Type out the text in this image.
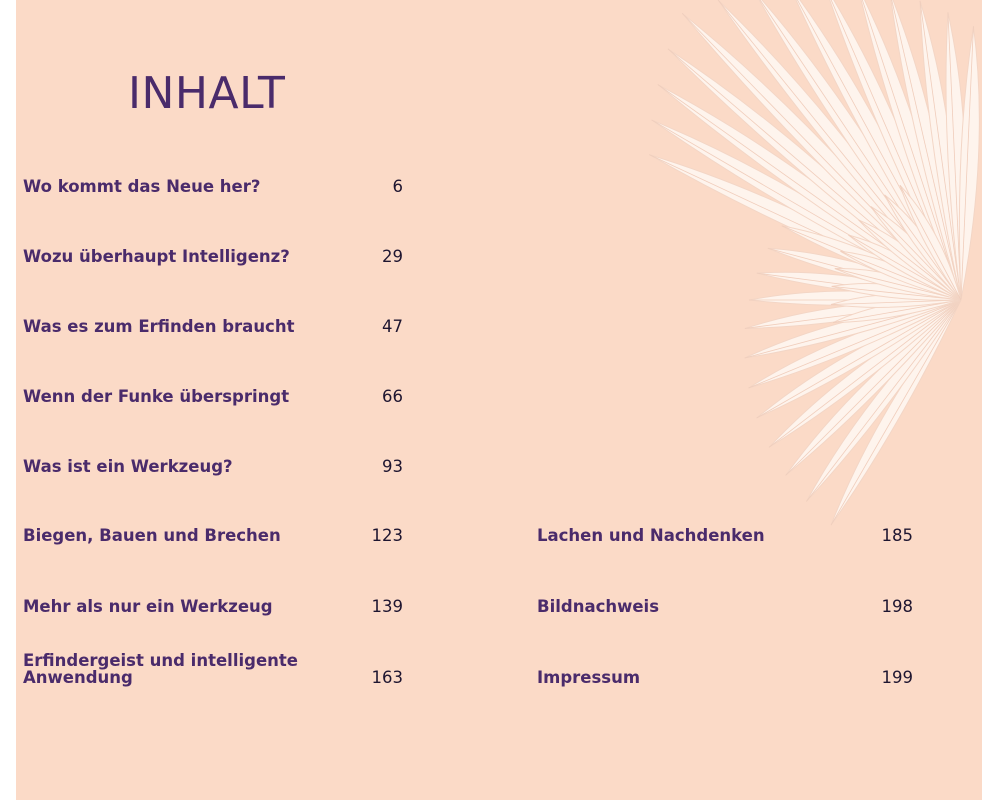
INHALT
Wo kommt das Neue her?	6
Wozu überhaupt Intelligenz?	29
Was es zum Erfinden braucht	47
Wenn der Funke überspringt	66
Was ist ein Werkzeug?	93
Biegen, Bauen und Brechen	123
Mehr als nur ein Werkzeug	139
Erfindergeist und intelligente
Anwendung	163
Lachen und Nachdenken	185
Bildnachweis	198
Impressum	199
